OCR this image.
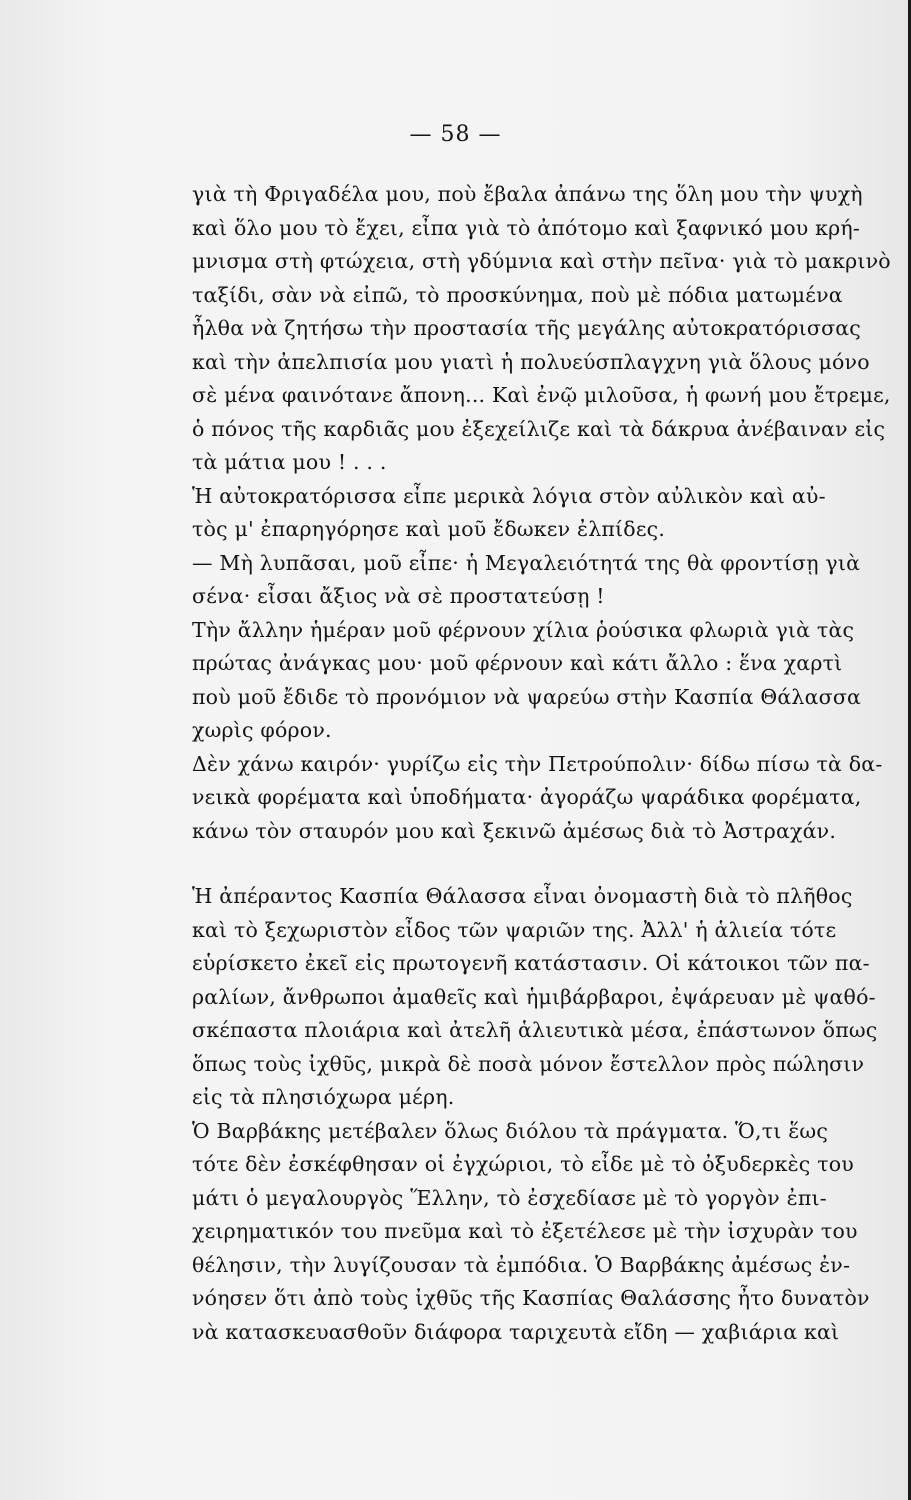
— 58 —
γιὰ τὴ Φριγαδέλα μου, ποὺ ἔβαλα ἀπάνω της ὅλη μου τὴν ψυχὴ
καὶ ὅλο μου τὸ ἔχει, εἶπα γιὰ τὸ ἀπότομο καὶ ξαφνικό μου κρή-
μνισμα στὴ φτώχεια, στὴ γδύμνια καὶ στὴν πεῖνα· γιὰ τὸ μακρινὸ
ταξίδι, σὰν νὰ εἰπῶ, τὸ προσκύνημα, ποὺ μὲ πόδια ματωμένα
ἦλθα νὰ ζητήσω τὴν προστασία τῆς μεγάλης αὐτοκρατόρισσας
καὶ τὴν ἀπελπισία μου γιατὶ ἡ πολυεύσπλαγχνη γιὰ ὅλους μόνο
σὲ μένα φαινότανε ἄπονη... Καὶ ἐνῷ μιλοῦσα, ἡ φωνή μου ἔτρεμε,
ὁ πόνος τῆς καρδιᾶς μου ἐξεχείλιζε καὶ τὰ δάκρυα ἀνέβαιναν εἰς
τὰ μάτια μου ! . . .
Ἡ αὐτοκρατόρισσα εἶπε μερικὰ λόγια στὸν αὐλικὸν καὶ αὐ-
τὸς μ' ἐπαρηγόρησε καὶ μοῦ ἔδωκεν ἐλπίδες.
— Μὴ λυπᾶσαι, μοῦ εἶπε· ἡ Μεγαλειότητά της θὰ φροντίσῃ γιὰ
σένα· εἶσαι ἄξιος νὰ σὲ προστατεύσῃ !
Τὴν ἄλλην ἡμέραν μοῦ φέρνουν χίλια ῥούσικα φλωριὰ γιὰ τὰς
πρώτας ἀνάγκας μου· μοῦ φέρνουν καὶ κάτι ἄλλο : ἕνα χαρτὶ
ποὺ μοῦ ἔδιδε τὸ προνόμιον νὰ ψαρεύω στὴν Κασπία Θάλασσα
χωρὶς φόρον.
Δὲν χάνω καιρόν· γυρίζω εἰς τὴν Πετρούπολιν· δίδω πίσω τὰ δα-
νεικὰ φορέματα καὶ ὑποδήματα· ἀγοράζω ψαράδικα φορέματα,
κάνω τὸν σταυρόν μου καὶ ξεκινῶ ἀμέσως διὰ τὸ Ἀστραχάν.
Ἡ ἀπέραντος Κασπία Θάλασσα εἶναι ὀνομαστὴ διὰ τὸ πλῆθος
καὶ τὸ ξεχωριστὸν εἶδος τῶν ψαριῶν της. Ἀλλ' ἡ ἁλιεία τότε
εὑρίσκετο ἐκεῖ εἰς πρωτογενῆ κατάστασιν. Οἱ κάτοικοι τῶν πα-
ραλίων, ἄνθρωποι ἀμαθεῖς καὶ ἡμιβάρβαροι, ἐψάρευαν μὲ ψαθό-
σκέπαστα πλοιάρια καὶ ἀτελῆ ἁλιευτικὰ μέσα, ἐπάστωνον ὅπως
ὅπως τοὺς ἰχθῦς, μικρὰ δὲ ποσὰ μόνον ἔστελλον πρὸς πώλησιν
εἰς τὰ πλησιόχωρα μέρη.
Ὁ Βαρβάκης μετέβαλεν ὅλως διόλου τὰ πράγματα. Ὅ,τι ἕως
τότε δὲν ἐσκέφθησαν οἱ ἐγχώριοι, τὸ εἶδε μὲ τὸ ὀξυδερκὲς του
μάτι ὁ μεγαλουργὸς Ἕλλην, τὸ ἐσχεδίασε μὲ τὸ γοργὸν ἐπι-
χειρηματικόν του πνεῦμα καὶ τὸ ἐξετέλεσε μὲ τὴν ἰσχυρὰν του
θέλησιν, τὴν λυγίζουσαν τὰ ἐμπόδια. Ὁ Βαρβάκης ἀμέσως ἐν-
νόησεν ὅτι ἀπὸ τοὺς ἰχθῦς τῆς Κασπίας Θαλάσσης ἦτο δυνατὸν
νὰ κατασκευασθοῦν διάφορα ταριχευτὰ εἴδη — χαβιάρια καὶ
